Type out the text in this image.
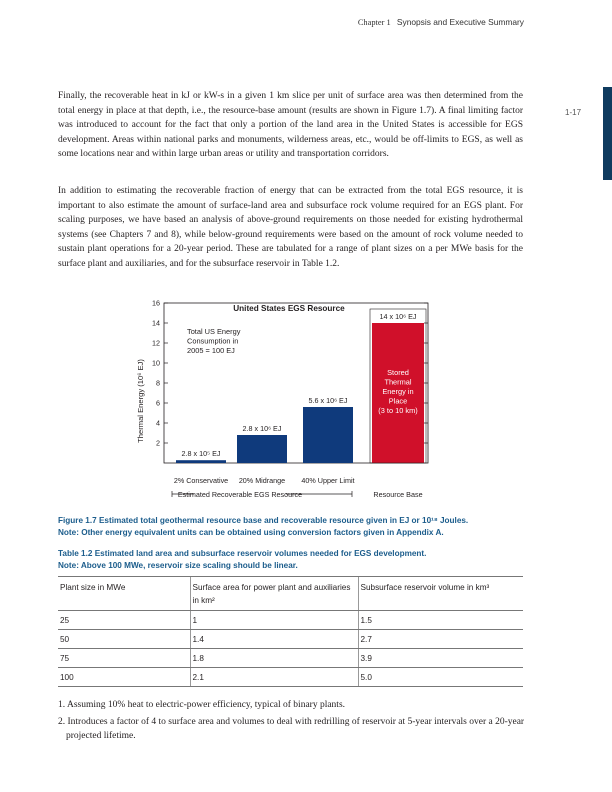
Chapter 1 Synopsis and Executive Summary
1-17

Finally, the recoverable heat in kJ or kW-s in a given 1 km slice per unit of surface area was then determined from the total energy in place at that depth, i.e., the resource-base amount (results are shown in Figure 1.7). A final limiting factor was introduced to account for the fact that only a portion of the land area in the United States is accessible for EGS development. Areas within national parks and monuments, wilderness areas, etc., would be off-limits to EGS, as well as some locations near and within large urban areas or utility and transportation corridors.

In addition to estimating the recoverable fraction of energy that can be extracted from the total EGS resource, it is important to also estimate the amount of surface-land area and subsurface rock volume required for an EGS plant. For scaling purposes, we have based an analysis of above-ground requirements on those needed for existing hydrothermal systems (see Chapters 7 and 8), while below-ground requirements were based on the amount of rock volume needed to sustain plant operations for a 20-year period. These are tabulated for a range of plant sizes on a per MWe basis for the surface plant and auxiliaries, and for the subsurface reservoir in Table 1.2.

2
4
6
8
10
12
14
16
2.8 x 10⁵ EJ
2.8 x 10⁶ EJ
5.6 x 10⁶ EJ
14 x 10⁶ EJ
2% Conservative 20% Midrange 40% Upper Limit
Total US Energy
Consumption in
2005 = 100 EJ
Stored
Thermal
Energy in
Place
(3 to 10 km)
United States EGS Resource
Thermal Energy (10⁶ EJ)
Estimated Recoverable EGS Resource	Resource Base

Figure 1.7 Estimated total geothermal resource base and recoverable resource given in EJ or 10¹⁸ Joules.
Note: Other energy equivalent units can be obtained using conversion factors given in Appendix A.

Table 1.2 Estimated land area and subsurface reservoir volumes needed for EGS development.
Note: Above 100 MWe, reservoir size scaling should be linear.

Plant size in MWe	Surface area for power plant and auxiliaries in km²	Subsurface reservoir volume in km³
25	1	1.5
50	1.4	2.7
75	1.8	3.9
100	2.1	5.0
1. Assuming 10% heat to electric-power efficiency, typical of binary plants.
2. Introduces a factor of 4 to surface area and volumes to deal with redrilling of reservoir at 5-year intervals over a 20-year projected lifetime.
